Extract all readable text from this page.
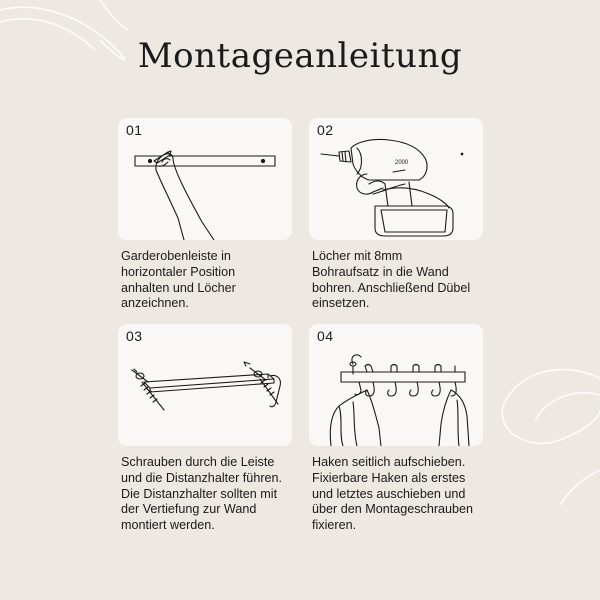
Montageanleitung
01
Garderobenleiste in
horizontaler Position
anhalten und Löcher
anzeichnen.
2000
02
Löcher mit 8mm
Bohraufsatz in die Wand
bohren. Anschließend Dübel
einsetzen.
03
Schrauben durch die Leiste
und die Distanzhalter führen.
Die Distanzhalter sollten mit
der Vertiefung zur Wand
montiert werden.
04
Haken seitlich aufschieben.
Fixierbare Haken als erstes
und letztes auschieben und
über den Montageschrauben
fixieren.
